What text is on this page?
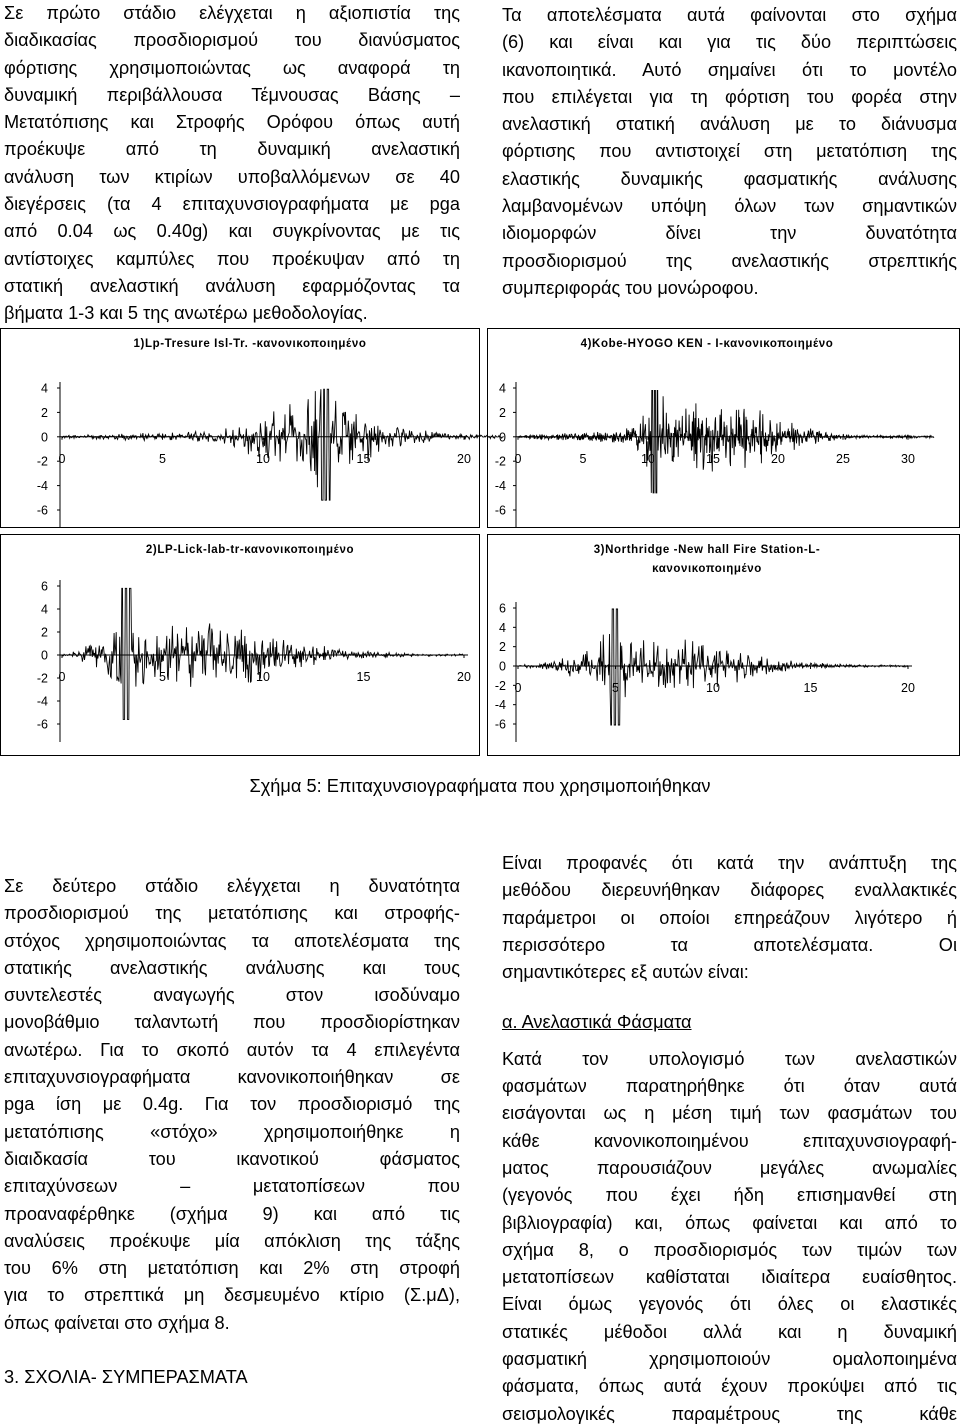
Σε πρώτο στάδιο ελέγχεται η αξιοπιστία της
διαδικασίας προσδιορισμού του διανύσματος
φόρτισης χρησιμοποιώντας ως αναφορά τη
δυναμική περιβάλλουσα Τέμνουσας Βάσης –
Μετατόπισης και Στροφής Ορόφου όπως αυτή
προέκυψε από τη δυναμική ανελαστική
ανάλυση των κτιρίων υποβαλλόμενων σε 40
διεγέρσεις (τα 4 επιταχυνσιογραφήματα με pga
από 0.04 ως 0.40g) και συγκρίνοντας με τις
αντίστοιχες καμπύλες που προέκυψαν από τη
στατική ανελαστική ανάλυση εφαρμόζοντας τα
βήματα 1-3 και 5 της ανωτέρω μεθοδολογίας.
Τα αποτελέσματα αυτά φαίνονται στο σχήμα
(6) και είναι και για τις δύο περιπτώσεις
ικανοποιητικά. Αυτό σημαίνει ότι το μοντέλο
που επιλέγεται για τη φόρτιση του φορέα στην
ανελαστική στατική ανάλυση με το διάνυσμα
φόρτισης που αντιστοιχεί στη μετατόπιση της
ελαστικής δυναμικής φασματικής ανάλυσης
λαμβανομένων υπόψη όλων των σημαντικών
ιδιομορφών δίνει την δυνατότητα
προσδιορισμού της ανελαστικής στρεπτικής
συμπεριφοράς του μονώροφου.
1)Lp-Tresure Isl-Tr. -κανονικοποιημένο
4
2
0
-2
-4
-6
0	5	10	15	20
4)Kobe-HYOGO KEN - I-κανονικοποιημένο
4
2
0
-2
-4
-6
0	5	10	15	20	25	30
2)LP-Lick-lab-tr-κανονικοποιημένο
6
4
2
0
-2
-4
-6
0	5	10	15	20
3)Northridge -New hall Fire Station-L-
κανονικοποιημένο
6
4
2
0
-2
-4
-6
0	5	10	15	20
Σχήμα 5: Επιταχυνσιογραφήματα που χρησιμοποιήθηκαν
Σε δεύτερο στάδιο ελέγχεται η δυνατότητα
προσδιορισμού της μετατόπισης και στροφής-
στόχος χρησιμοποιώντας τα αποτελέσματα της
στατικής ανελαστικής ανάλυσης και τους
συντελεστές αναγωγής στον ισοδύναμο
μονοβάθμιο ταλαντωτή που προσδιορίστηκαν
ανωτέρω. Για το σκοπό αυτόν τα 4 επιλεγέντα
επιταχυνσιογραφήματα κανονικοποιήθηκαν σε
pga ίση με 0.4g. Για τον προσδιορισμό της
μετατόπισης «στόχο» χρησιμοποιήθηκε η
διαιδκασία του ικανοτικού φάσματος
επιταχύνσεων – μετατοπίσεων που
προαναφέρθηκε (σχήμα 9) και από τις
αναλύσεις προέκυψε μία απόκλιση της τάξης
του 6% στη μετατόπιση και 2% στη στροφή
για το στρεπτικά μη δεσμευμένο κτίριο (Σ.μΔ),
όπως φαίνεται στο σχήμα 8.
3. ΣΧΟΛΙΑ- ΣΥΜΠΕΡΑΣΜΑΤΑ
Είναι προφανές ότι κατά την ανάπτυξη της
μεθόδου διερευνήθηκαν διάφορες εναλλακτικές
παράμετροι οι οποίοι επηρεάζουν λιγότερο ή
περισσότερο τα αποτελέσματα. Οι
σημαντικότερες εξ αυτών είναι:
α. Ανελαστικά Φάσματα
Κατά τον υπολογισμό των ανελαστικών
φασμάτων παρατηρήθηκε ότι όταν αυτά
εισάγονται ως η μέση τιμή των φασμάτων του
κάθε κανονικοποιημένου επιταχυνσιογραφή-
ματος παρουσιάζουν μεγάλες ανωμαλίες
(γεγονός που έχει ήδη επισημανθεί στη
βιβλιογραφία) και, όπως φαίνεται και από το
σχήμα 8, ο προσδιορισμός των τιμών των
μετατοπίσεων καθίσταται ιδιαίτερα ευαίσθητος.
Είναι όμως γεγονός ότι όλες οι ελαστικές
στατικές μέθοδοι αλλά και η δυναμική
φασματική χρησιμοποιούν ομαλοποιημένα
φάσματα, όπως αυτά έχουν προκύψει από τις
σεισμολογικές παραμέτρους της κάθε
